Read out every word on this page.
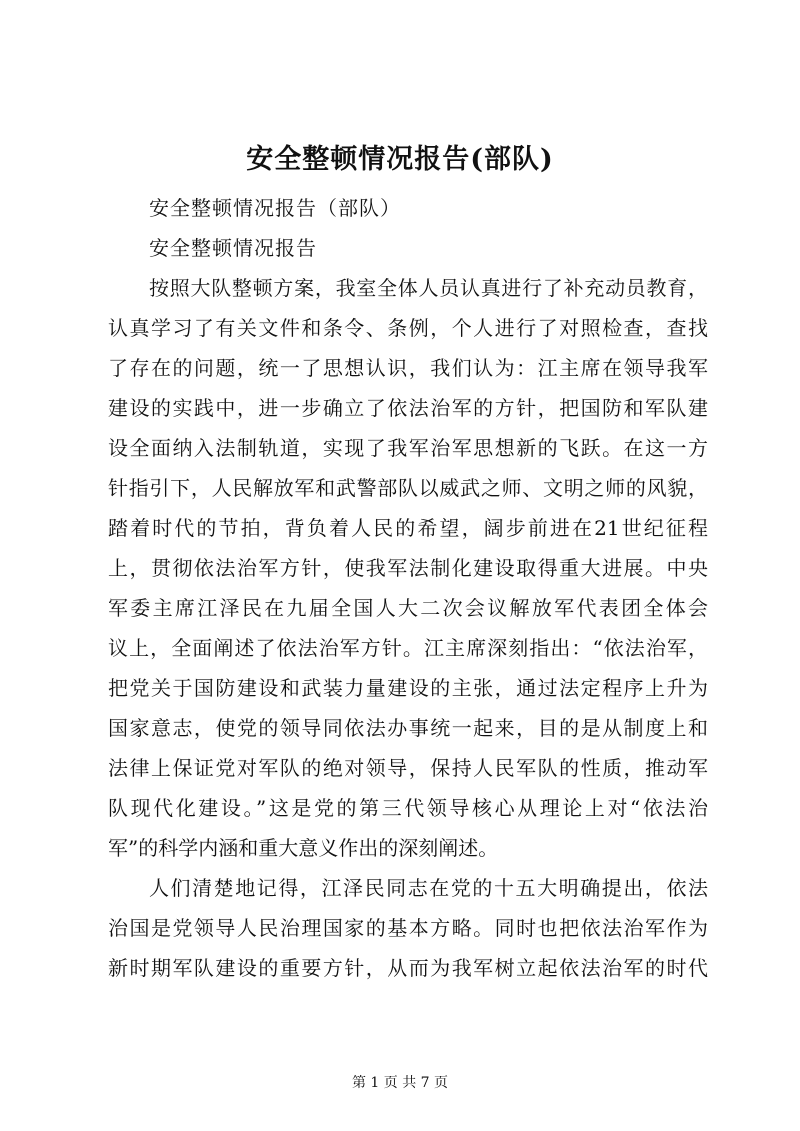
安全整顿情况报告(部队)
安全整顿情况报告（部队）
安全整顿情况报告
按照大队整顿方案，我室全体人员认真进行了补充动员教育，
认真学习了有关文件和条令、条例，个人进行了对照检查，查找
了存在的问题，统一了思想认识，我们认为：江主席在领导我军
建设的实践中，进一步确立了依法治军的方针，把国防和军队建
设全面纳入法制轨道，实现了我军治军思想新的飞跃。在这一方
针指引下，人民解放军和武警部队以威武之师、文明之师的风貌，
踏着时代的节拍，背负着人民的希望，阔步前进在21世纪征程
上，贯彻依法治军方针，使我军法制化建设取得重大进展。中央
军委主席江泽民在九届全国人大二次会议解放军代表团全体会
议上，全面阐述了依法治军方针。江主席深刻指出：“依法治军，
把党关于国防建设和武装力量建设的主张，通过法定程序上升为
国家意志，使党的领导同依法办事统一起来，目的是从制度上和
法律上保证党对军队的绝对领导，保持人民军队的性质，推动军
队现代化建设。”这是党的第三代领导核心从理论上对“依法治
军”的科学内涵和重大意义作出的深刻阐述。
人们清楚地记得，江泽民同志在党的十五大明确提出，依法
治国是党领导人民治理国家的基本方略。同时也把依法治军作为
新时期军队建设的重要方针，从而为我军树立起依法治军的时代
第 1 页 共 7 页
